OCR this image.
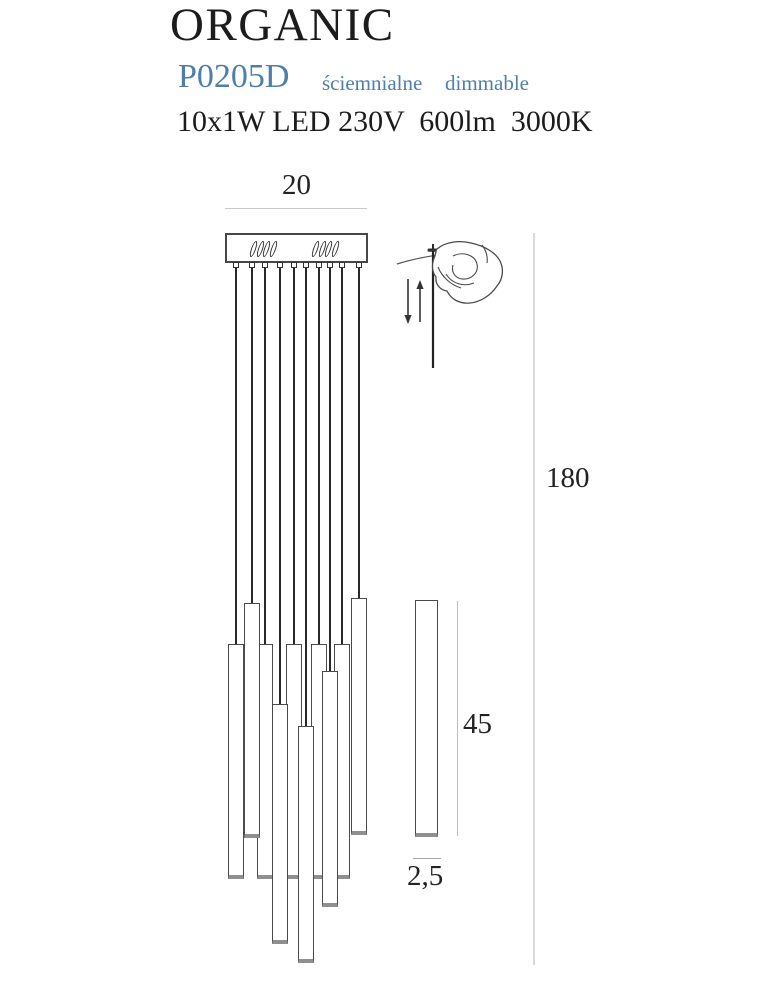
ORGANIC
P0205D ściemnialne dimmable
10x1W LED 230V  600lm  3000K
20
180
45
2,5
